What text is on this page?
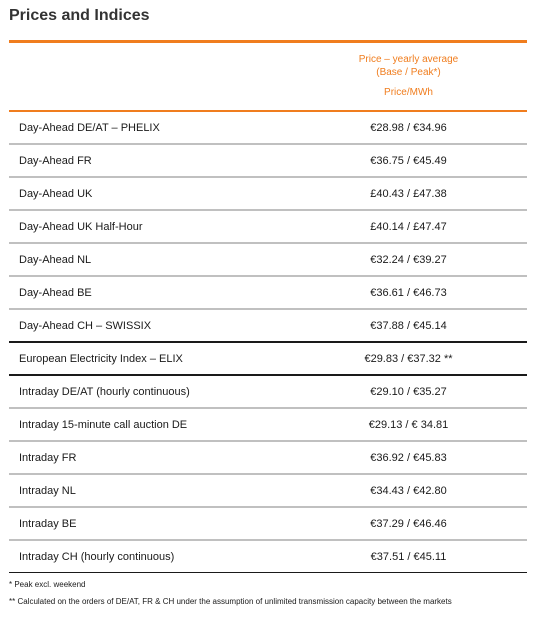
Prices and Indices
Price – yearly average
(Base / Peak*)
Price/MWh
Day-Ahead DE/AT – PHELIX	€28.98 / €34.96
Day-Ahead FR	€36.75 / €45.49
Day-Ahead UK	£40.43 / £47.38
Day-Ahead UK Half-Hour	£40.14 / £47.47
Day-Ahead NL	€32.24 / €39.27
Day-Ahead BE	€36.61 / €46.73
Day-Ahead CH – SWISSIX	€37.88 / €45.14
European Electricity Index – ELIX	€29.83 / €37.32 **
Intraday DE/AT (hourly continuous)	€29.10 / €35.27
Intraday 15-minute call auction DE	€29.13 / € 34.81
Intraday FR	€36.92 / €45.83
Intraday NL	€34.43 / €42.80
Intraday BE	€37.29 / €46.46
Intraday CH (hourly continuous)	€37.51 / €45.11
* Peak excl. weekend
** Calculated on the orders of DE/AT, FR & CH under the assumption of unlimited transmission capacity between the markets
